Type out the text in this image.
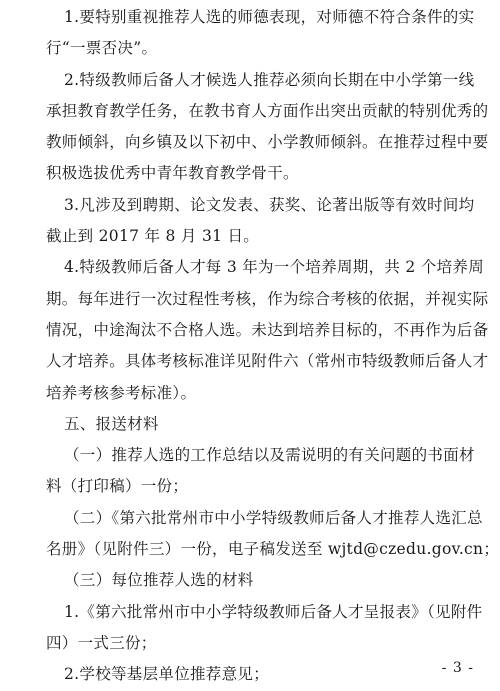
1.要特别重视推荐人选的师德表现，对师德不符合条件的实
行“一票否决”。
2.特级教师后备人才候选人推荐必须向长期在中小学第一线
承担教育教学任务，在教书育人方面作出突出贡献的特别优秀的
教师倾斜，向乡镇及以下初中、小学教师倾斜。在推荐过程中要
积极选拔优秀中青年教育教学骨干。
3.凡涉及到聘期、论文发表、获奖、论著出版等有效时间均
截止到 2017 年 8 月 31 日。
4.特级教师后备人才每 3 年为一个培养周期，共 2 个培养周
期。每年进行一次过程性考核，作为综合考核的依据，并视实际
情况，中途淘汰不合格人选。未达到培养目标的，不再作为后备
人才培养。具体考核标准详见附件六（常州市特级教师后备人才
培养考核参考标准）。
五、报送材料
（一）推荐人选的工作总结以及需说明的有关问题的书面材
料（打印稿）一份；
（二）《第六批常州市中小学特级教师后备人才推荐人选汇总
名册》（见附件三）一份，电子稿发送至 wjtd@czedu.gov.cn；
（三）每位推荐人选的材料
1.《第六批常州市中小学特级教师后备人才呈报表》（见附件
四）一式三份；
2.学校等基层单位推荐意见；	- 3 -
